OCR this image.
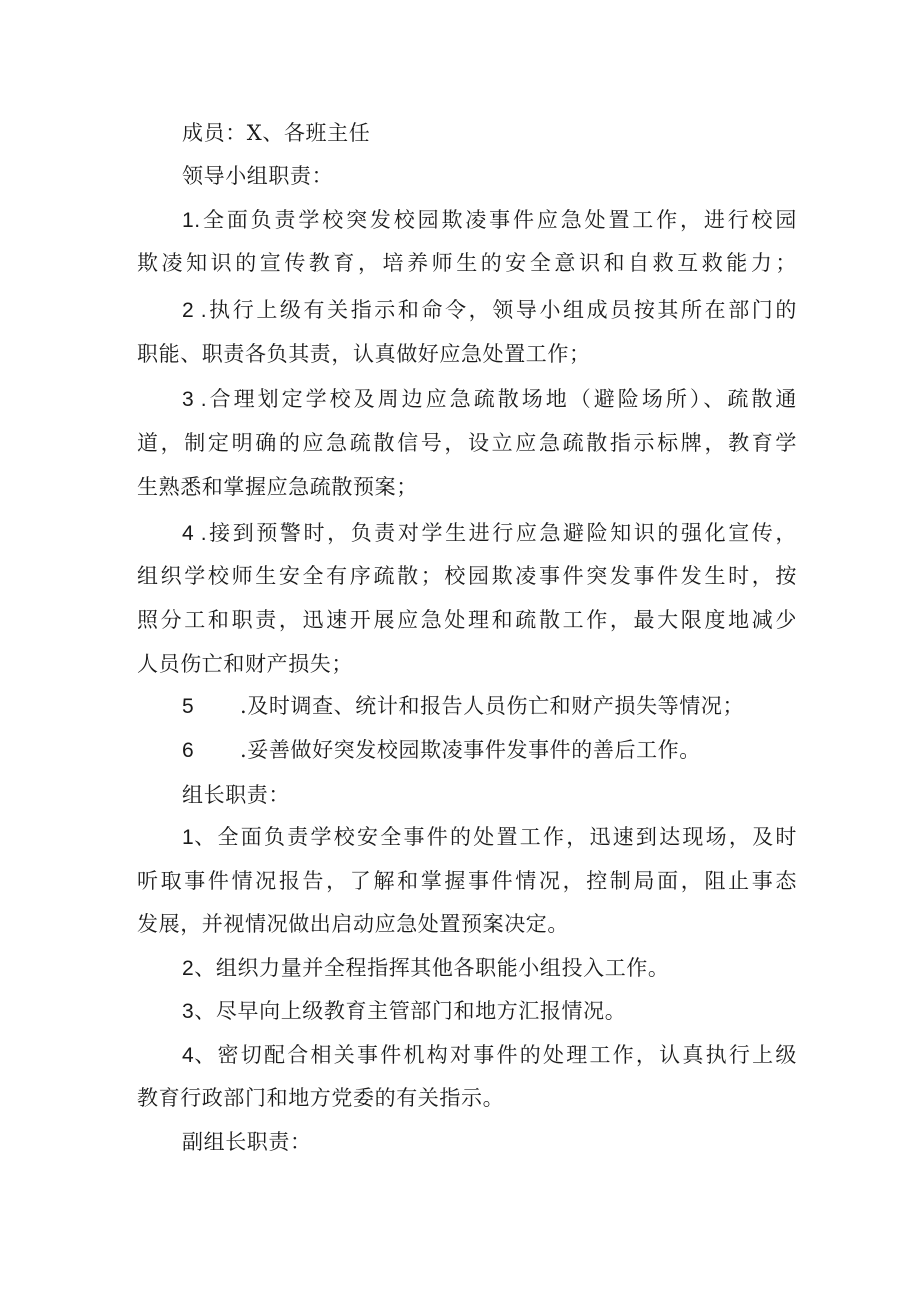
成员：X、各班主任
领导小组职责：
1.全面负责学校突发校园欺凌事件应急处置工作，进行校园
欺凌知识的宣传教育，培养师生的安全意识和自救互救能力；
2 .执行上级有关指示和命令，领导小组成员按其所在部门的
职能、职责各负其责，认真做好应急处置工作；
3 .合理划定学校及周边应急疏散场地（避险场所）、疏散通
道，制定明确的应急疏散信号，设立应急疏散指示标牌，教育学
生熟悉和掌握应急疏散预案；
4 .接到预警时，负责对学生进行应急避险知识的强化宣传，
组织学校师生安全有序疏散；校园欺凌事件突发事件发生时，按
照分工和职责，迅速开展应急处理和疏散工作，最大限度地减少
人员伤亡和财产损失；
5 .及时调查、统计和报告人员伤亡和财产损失等情况；
6 .妥善做好突发校园欺凌事件发事件的善后工作。
组长职责：
1、全面负责学校安全事件的处置工作，迅速到达现场，及时
听取事件情况报告，了解和掌握事件情况，控制局面，阻止事态
发展，并视情况做出启动应急处置预案决定。
2、组织力量并全程指挥其他各职能小组投入工作。
3、尽早向上级教育主管部门和地方汇报情况。
4、密切配合相关事件机构对事件的处理工作，认真执行上级
教育行政部门和地方党委的有关指示。
副组长职责：
